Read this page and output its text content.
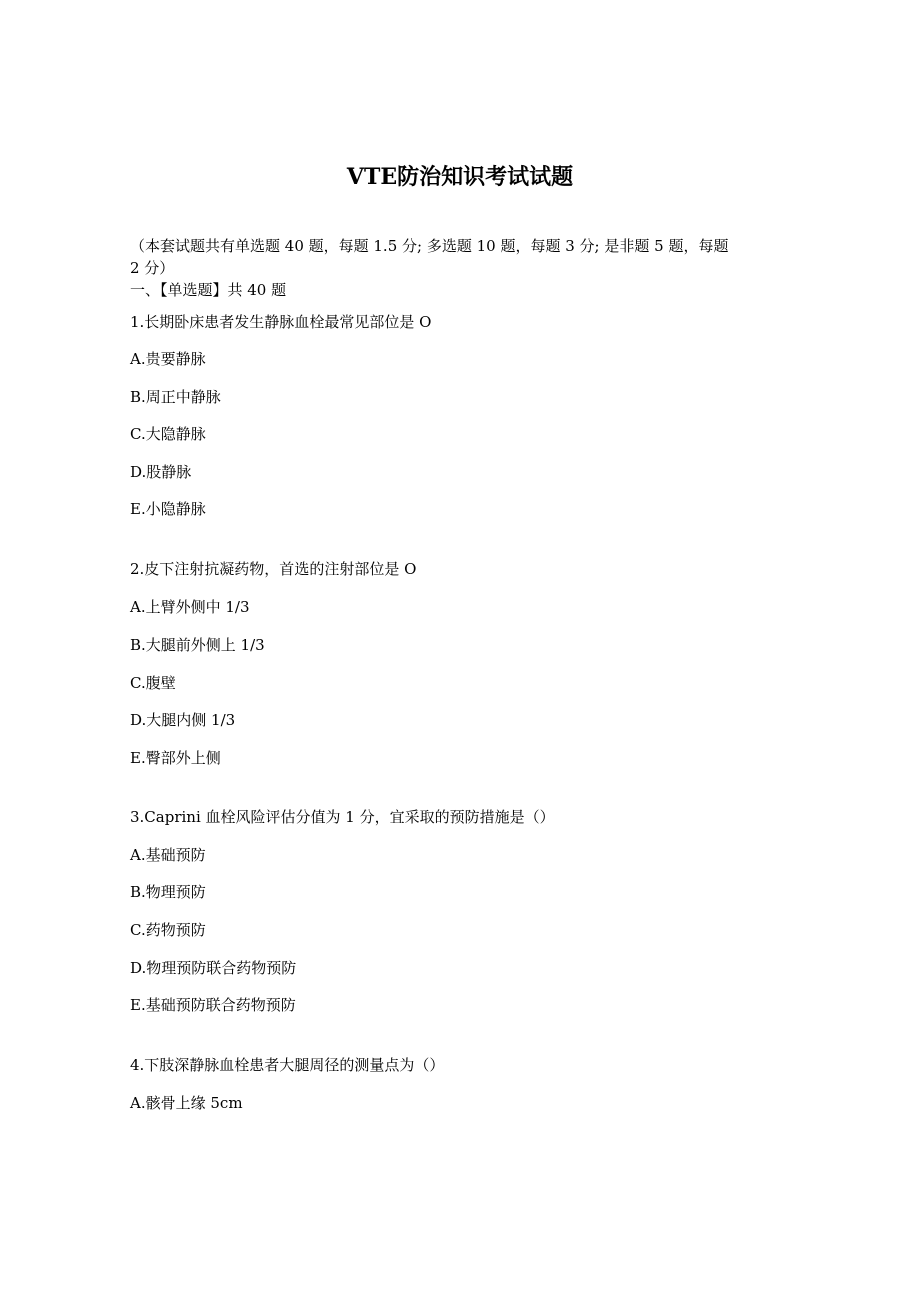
VTE防治知识考试试题

（本套试题共有单选题 40 题，每题 1.5 分; 多选题 10 题，每题 3 分; 是非题 5 题，每题

2 分）

一、【单选题】共 40 题
1.长期卧床患者发生静脉血栓最常见部位是 O
A.贵要静脉
B.周正中静脉
C.大隐静脉
D.股静脉
E.小隐静脉
2.皮下注射抗凝药物，首选的注射部位是 O
A.上臂外侧中 1/3
B.大腿前外侧上 1/3
C.腹壁
D.大腿内侧 1/3
E.臀部外上侧
3.Caprini 血栓风险评估分值为 1 分，宜采取的预防措施是（）
A.基础预防
B.物理预防
C.药物预防
D.物理预防联合药物预防
E.基础预防联合药物预防
4.下肢深静脉血栓患者大腿周径的测量点为（）
A.骸骨上缘 5cm
